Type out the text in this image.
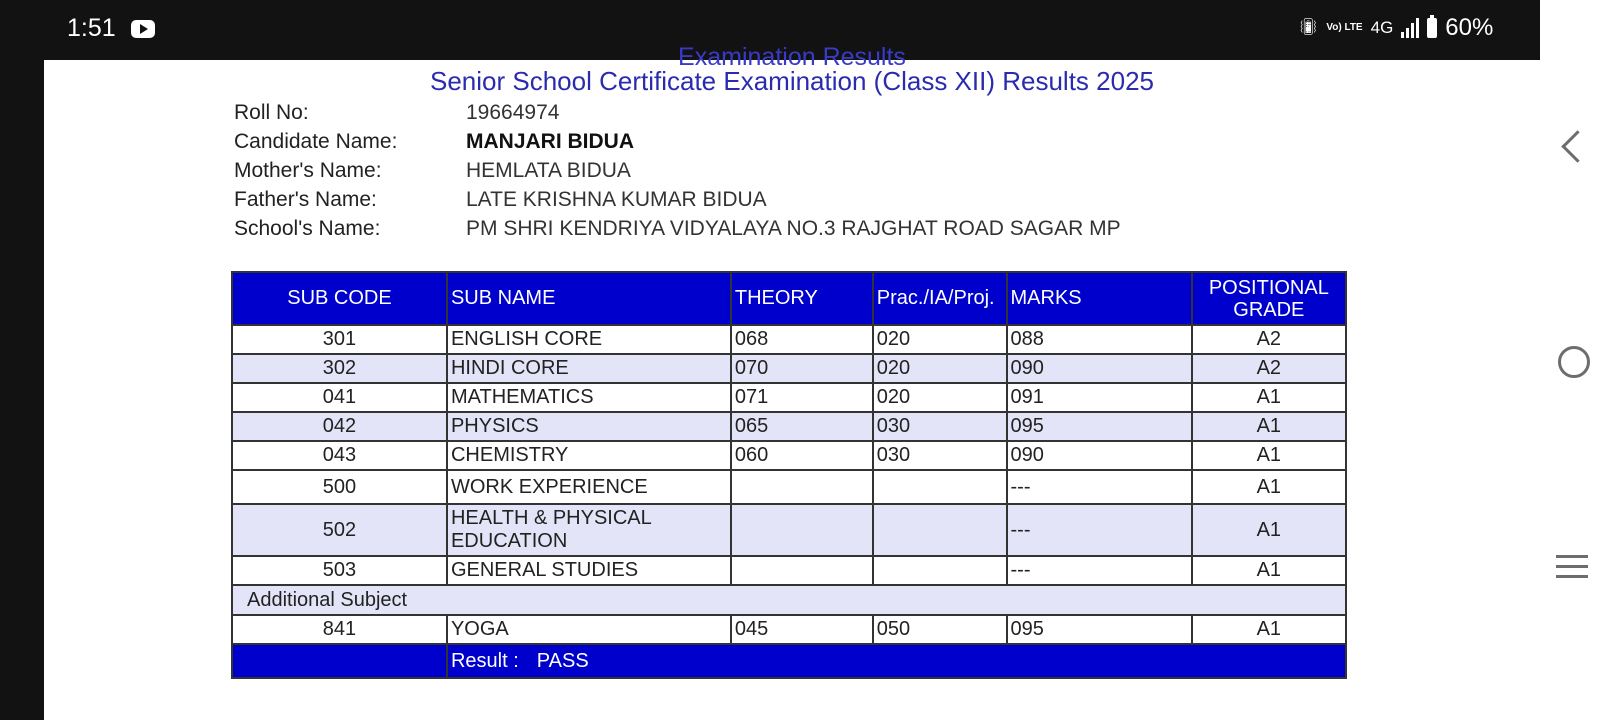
1:51	📳︎ Vo) LTE 4G 60%
Examination Results
Senior School Certificate Examination (Class XII) Results 2025
Roll No:	19664974
Candidate Name:	MANJARI BIDUA
Mother's Name:	HEMLATA BIDUA
Father's Name:	LATE KRISHNA KUMAR BIDUA
School's Name:	PM SHRI KENDRIYA VIDYALAYA NO.3 RAJGHAT ROAD SAGAR MP
SUB CODE	SUB NAME	THEORY	Prac./IA/Proj.	MARKS	POSITIONAL GRADE
301	ENGLISH CORE	068	020	088	A2
302	HINDI CORE	070	020	090	A2
041	MATHEMATICS	071	020	091	A1
042	PHYSICS	065	030	095	A1
043	CHEMISTRY	060	030	090	A1
500	WORK EXPERIENCE			---	A1
502	HEALTH & PHYSICAL EDUCATION			---	A1
503	GENERAL STUDIES			---	A1
Additional Subject					
841	YOGA	045	050	095	A1
	Result : PASS				
